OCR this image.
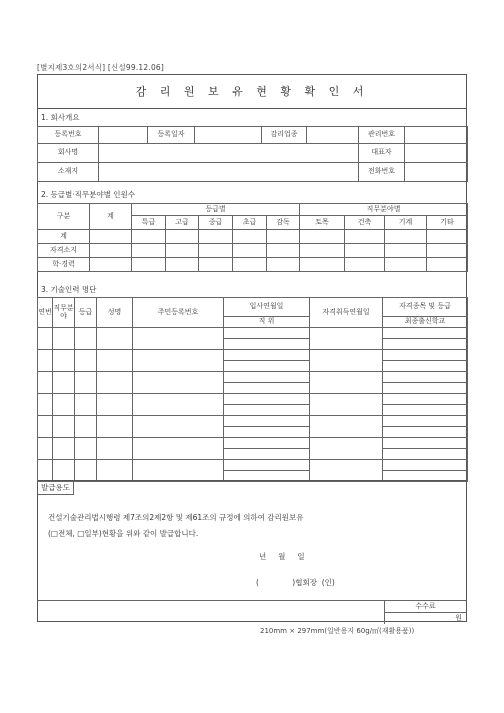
[별지제3호의2서식] [신설99.12.06]
감 리 원 보 유 현 황 확 인 서
1. 회사개요
등록번호		등록일자		감리업종		관리번호	
회사명						대표자	
소재지						전화번호	
2. 등급별·직무분야별 인원수
구분	계	등급별					직무분야별			
		특급	고급	중급	초급	감독	토목	건축	기계	기타
계										
자격소지										
학·경력										
3. 기술인력 명단
연번	직무분야	등급	성명	주민등록번호	입사연월일	자격취득연월일	자격종목 및 등급
					직 위		최종출신학교

발급용도
건설기술관리법시행령 제7조의2제2항 및 제61조의 규정에 의하여 감리원보유
(□전체, □일부)현황을 위와 같이 발급합니다.
년     월     일
(              )협회장  (인)
수수료
원
210mm × 297mm(일반용지 60g/㎡(재활용품))
